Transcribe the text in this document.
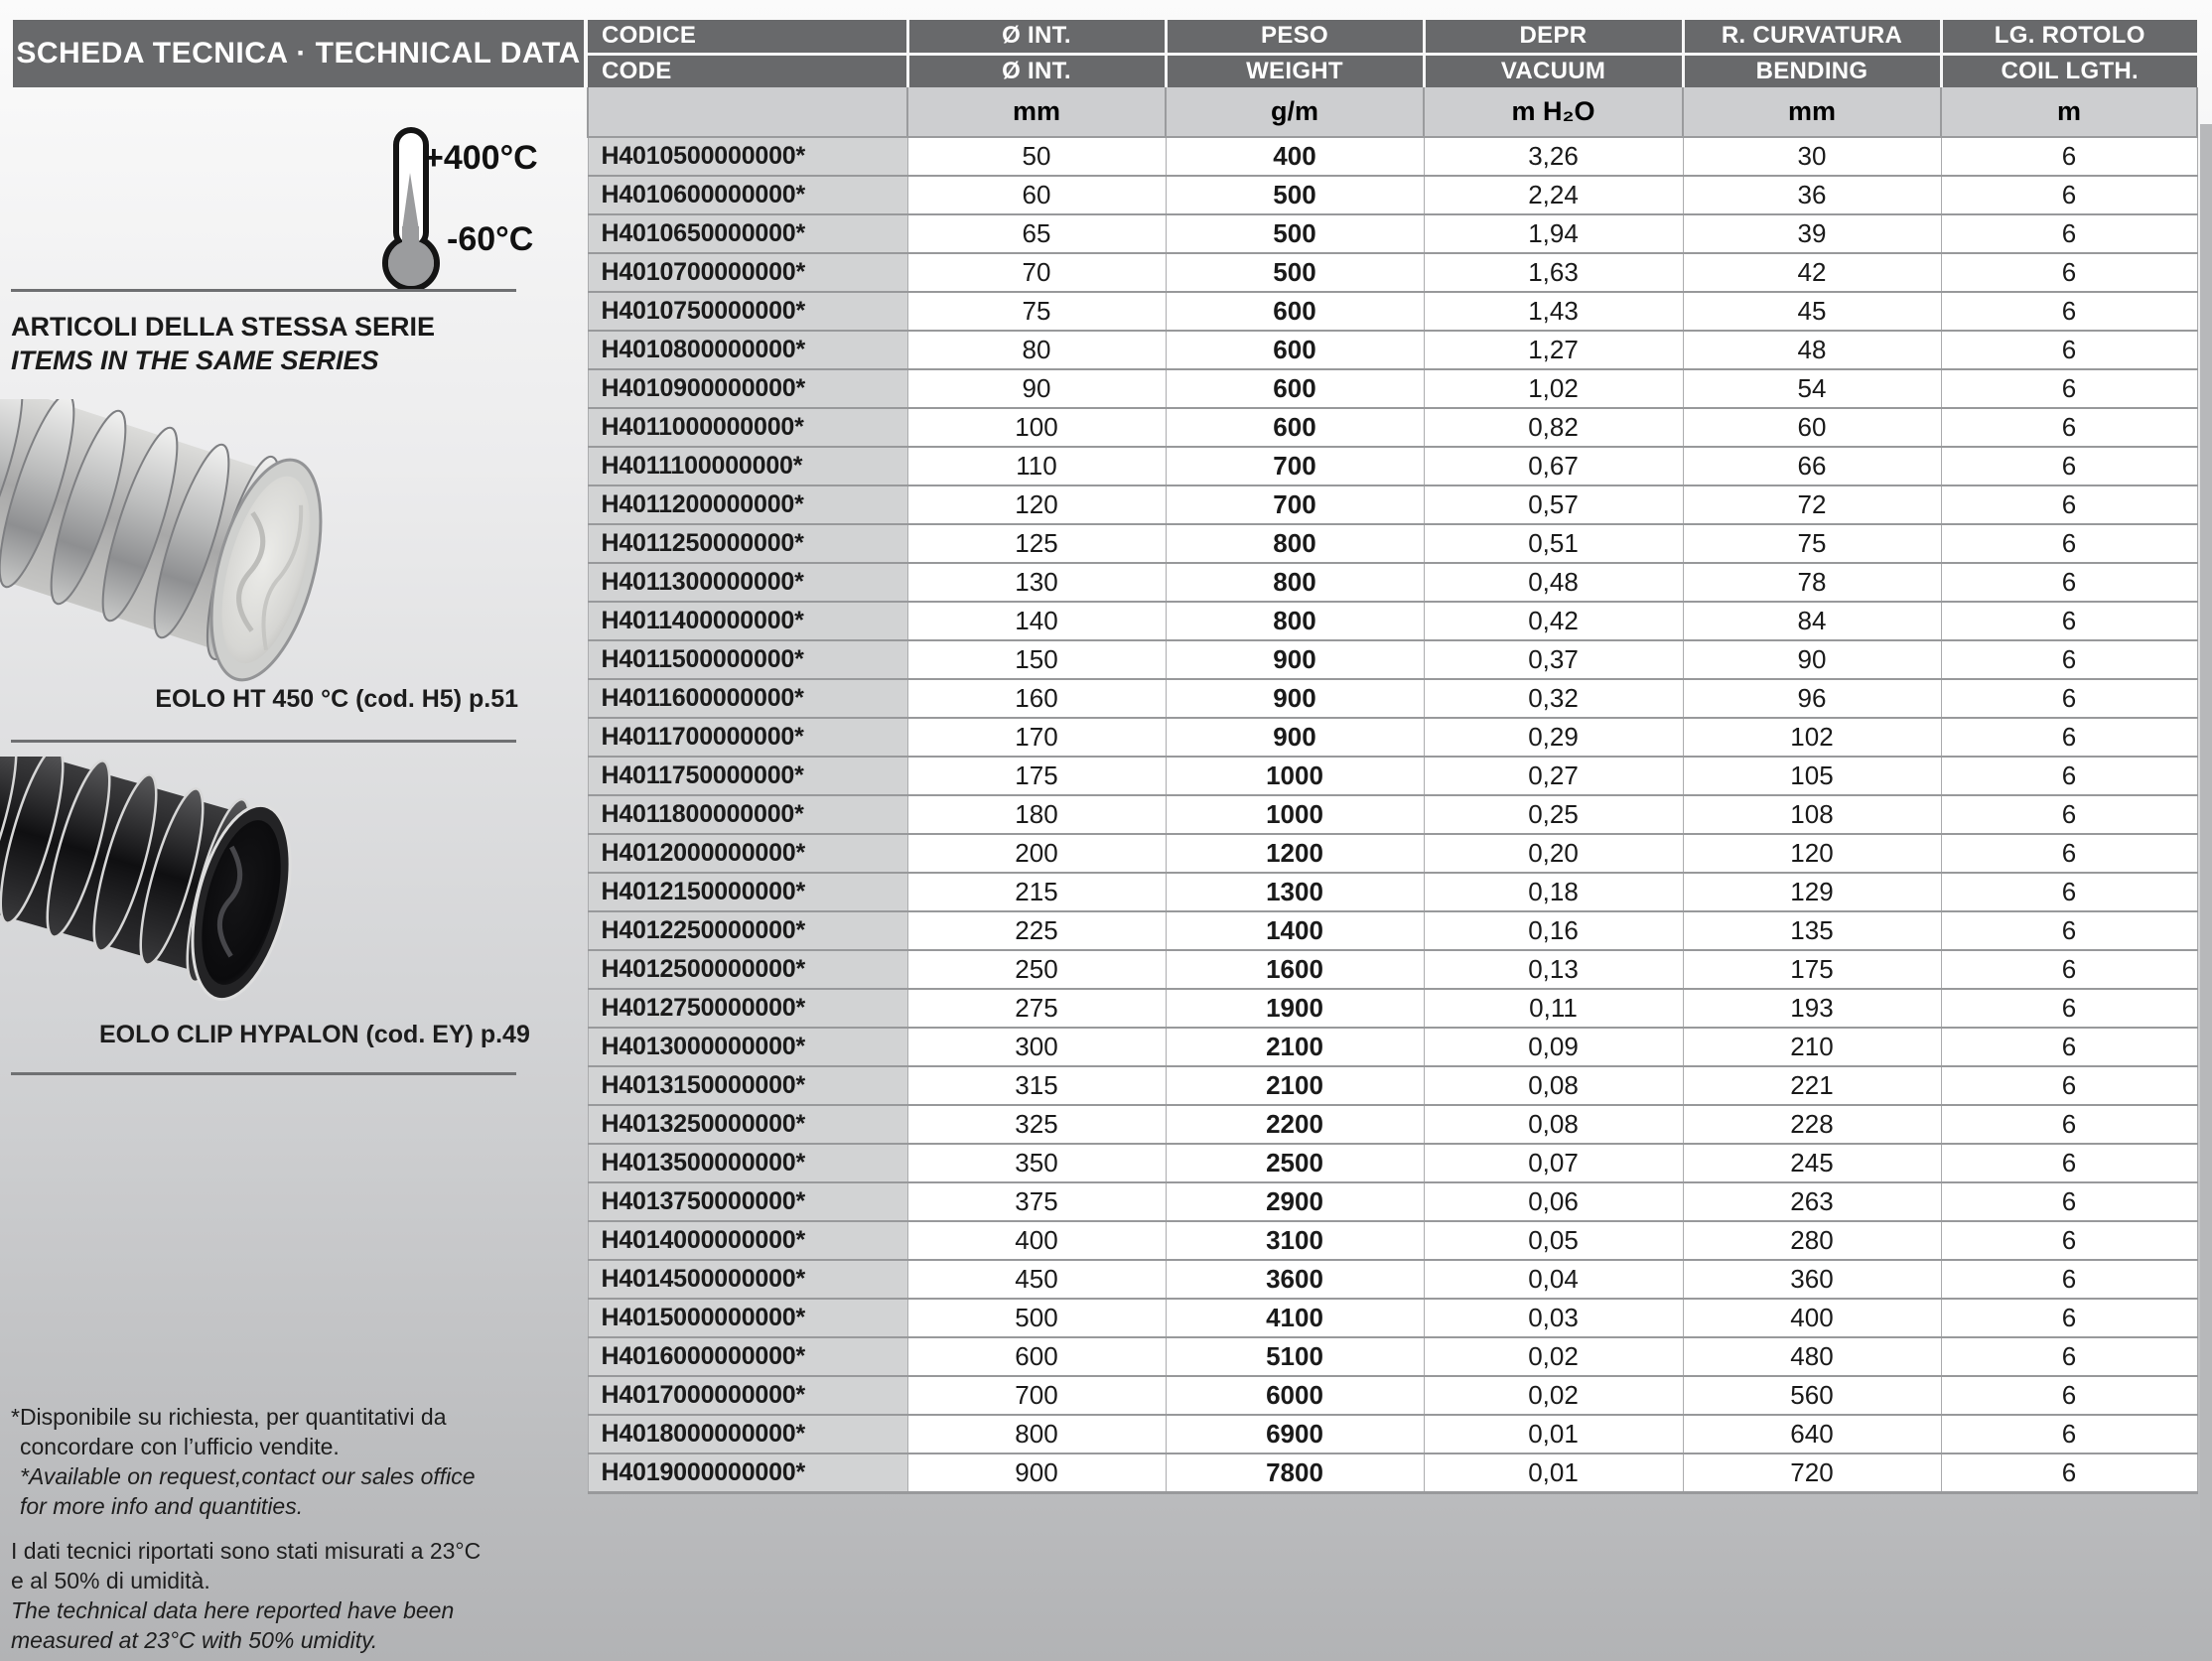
SCHEDA TECNICA · TECHNICAL DATA
+400°C
-60°C
ARTICOLI DELLA STESSA SERIE
ITEMS IN THE SAME SERIES
EOLO HT 450 °C (cod. H5) p.51
EOLO CLIP HYPALON (cod. EY) p.49
*Disponibile su richiesta, per quantitativi da
concordare con l’ufficio vendite.
*Available on request,contact our sales office
for more info and quantities.
I dati tecnici riportati sono stati misurati a 23°C
e al 50% di umidità.
The technical data here reported have been
measured at 23°C with 50% umidity.
CODICE	Ø INT.	PESO	DEPR	R. CURVATURA	LG. ROTOLO
CODE	Ø INT.	WEIGHT	VACUUM	BENDING	COIL LGTH.
	mm	g/m	m H₂O	mm	m
H4010500000000*	50	400	3,26	30	6
H4010600000000*	60	500	2,24	36	6
H4010650000000*	65	500	1,94	39	6
H4010700000000*	70	500	1,63	42	6
H4010750000000*	75	600	1,43	45	6
H4010800000000*	80	600	1,27	48	6
H4010900000000*	90	600	1,02	54	6
H4011000000000*	100	600	0,82	60	6
H4011100000000*	110	700	0,67	66	6
H4011200000000*	120	700	0,57	72	6
H4011250000000*	125	800	0,51	75	6
H4011300000000*	130	800	0,48	78	6
H4011400000000*	140	800	0,42	84	6
H4011500000000*	150	900	0,37	90	6
H4011600000000*	160	900	0,32	96	6
H4011700000000*	170	900	0,29	102	6
H4011750000000*	175	1000	0,27	105	6
H4011800000000*	180	1000	0,25	108	6
H4012000000000*	200	1200	0,20	120	6
H4012150000000*	215	1300	0,18	129	6
H4012250000000*	225	1400	0,16	135	6
H4012500000000*	250	1600	0,13	175	6
H4012750000000*	275	1900	0,11	193	6
H4013000000000*	300	2100	0,09	210	6
H4013150000000*	315	2100	0,08	221	6
H4013250000000*	325	2200	0,08	228	6
H4013500000000*	350	2500	0,07	245	6
H4013750000000*	375	2900	0,06	263	6
H4014000000000*	400	3100	0,05	280	6
H4014500000000*	450	3600	0,04	360	6
H4015000000000*	500	4100	0,03	400	6
H4016000000000*	600	5100	0,02	480	6
H4017000000000*	700	6000	0,02	560	6
H4018000000000*	800	6900	0,01	640	6
H4019000000000*	900	7800	0,01	720	6
